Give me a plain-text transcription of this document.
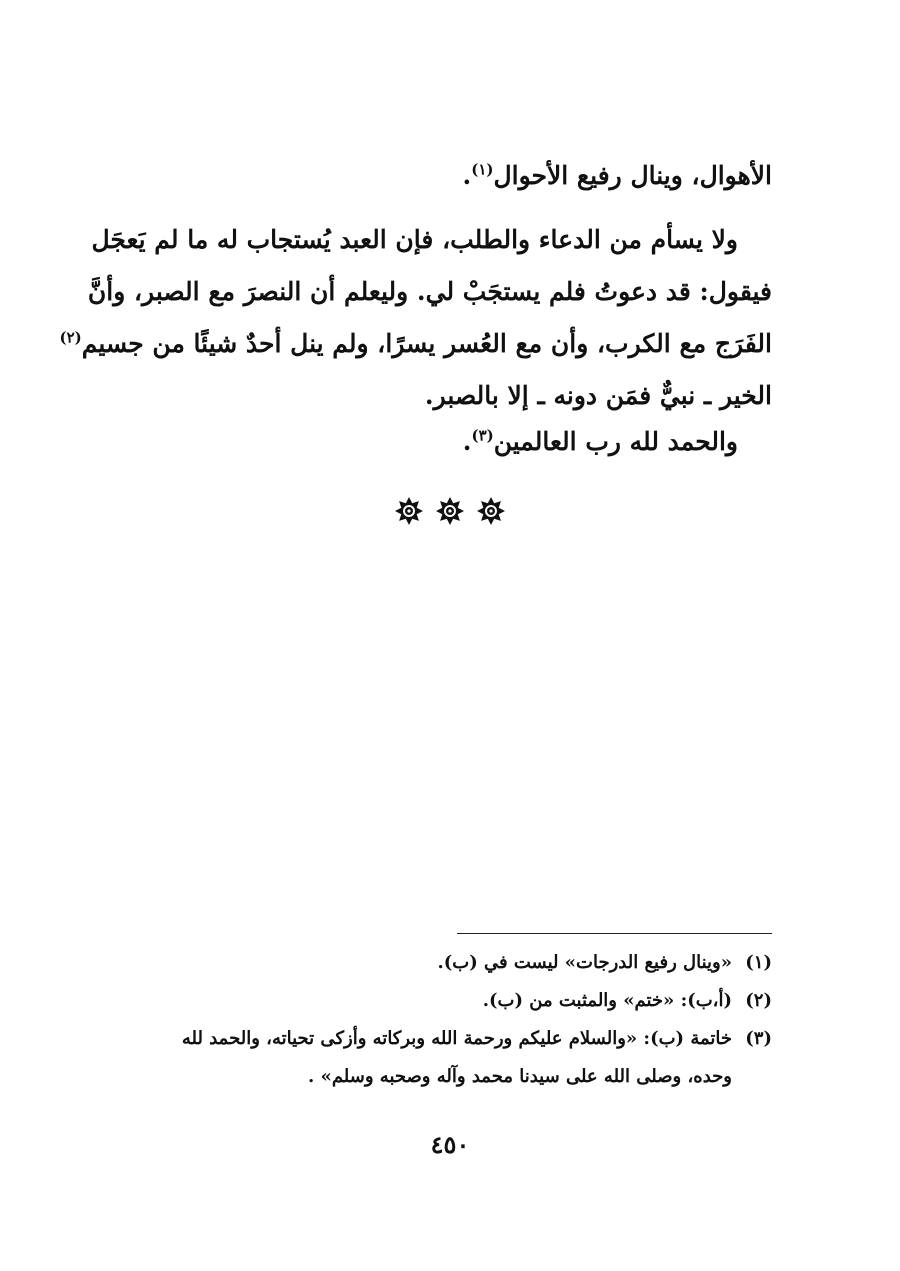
الأهوال، وينال رفيع الأحوال$^{(١)}$.
ولا يسأم من الدعاء والطلب، فإن العبد يُستجاب له ما لم يَعجَل
فيقول: قد دعوتُ فلم يستجَبْ لي. وليعلم أن النصرَ مع الصبر، وأنَّ
الفَرَج مع الكرب، وأن مع العُسر يسرًا، ولم ينل أحدٌ شيئًا من جسيم$^{(٢)}$
الخير ـ نبيٌّ فمَن دونه ـ إلا بالصبر.
والحمد لله رب العالمين$^{(٣)}$.

(١)«وينال رفيع الدرجات» ليست في (ب).
(٢)(أ،ب): «ختم» والمثبت من (ب).
(٣)خاتمة (ب): «والسلام عليكم ورحمة الله وبركاته وأزكى تحياته، والحمد لله
وحده، وصلى الله على سيدنا محمد وآله وصحبه وسلم» .
٤٥٠
